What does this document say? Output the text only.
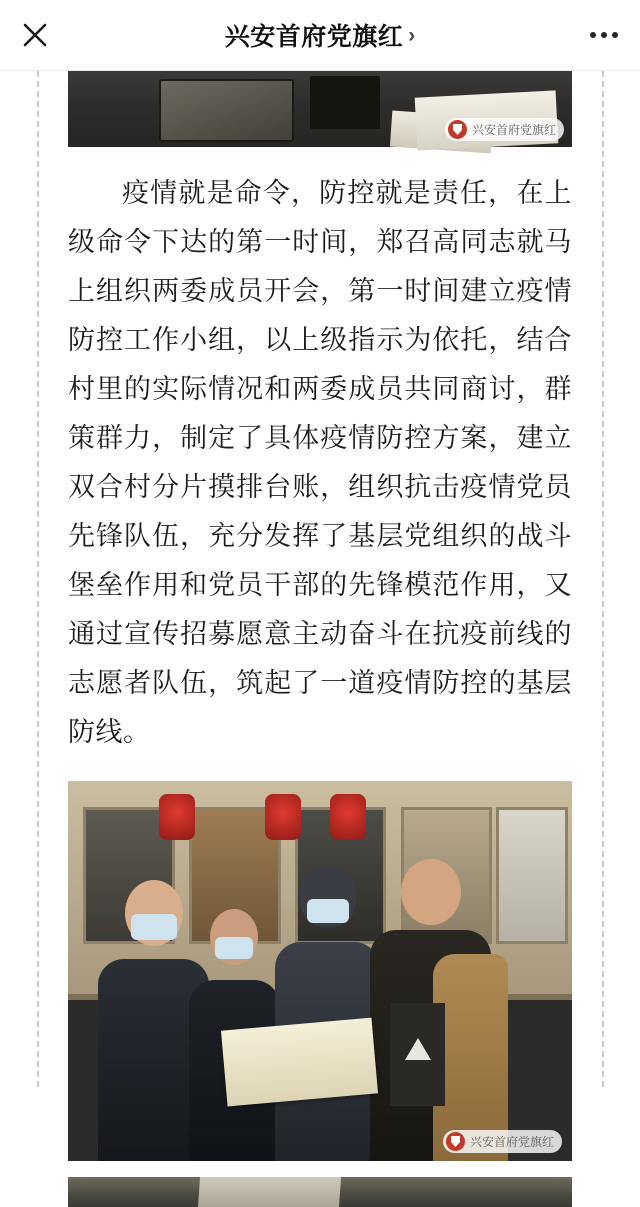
兴安首府党旗红 ›
兴安首府党旗红

疫情就是命令，防控就是责任，在上级命令下达的第一时间，郑召高同志就马上组织两委成员开会，第一时间建立疫情防控工作小组，以上级指示为依托，结合村里的实际情况和两委成员共同商讨，群策群力，制定了具体疫情防控方案，建立双合村分片摸排台账，组织抗击疫情党员先锋队伍，充分发挥了基层党组织的战斗堡垒作用和党员干部的先锋模范作用，又通过宣传招募愿意主动奋斗在抗疫前线的志愿者队伍，筑起了一道疫情防控的基层防线。

兴安首府党旗红
